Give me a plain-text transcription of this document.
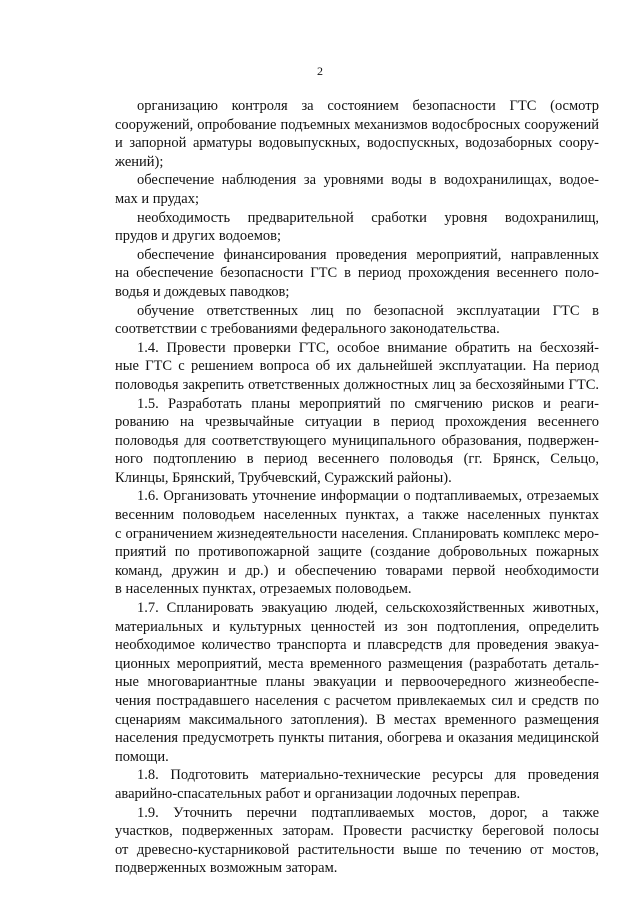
2
организацию контроля за состоянием безопасности ГТС (осмотр
сооружений, опробование подъемных механизмов водосбросных сооружений
и запорной арматуры водовыпускных, водоспускных, водозаборных соору-
жений);
обеспечение наблюдения за уровнями воды в водохранилищах, водое-
мах и прудах;
необходимость предварительной сработки уровня водохранилищ,
прудов и других водоемов;
обеспечение финансирования проведения мероприятий, направленных
на обеспечение безопасности ГТС в период прохождения весеннего поло-
водья и дождевых паводков;
обучение ответственных лиц по безопасной эксплуатации ГТС в
соответствии с требованиями федерального законодательства.
1.4. Провести проверки ГТС, особое внимание обратить на бесхозяй-
ные ГТС с решением вопроса об их дальнейшей эксплуатации. На период
половодья закрепить ответственных должностных лиц за бесхозяйными ГТС.
1.5. Разработать планы мероприятий по смягчению рисков и реаги-
рованию на чрезвычайные ситуации в период прохождения весеннего
половодья для соответствующего муниципального образования, подвержен-
ного подтоплению в период весеннего половодья (гг. Брянск, Сельцо,
Клинцы, Брянский, Трубчевский, Суражский районы).
1.6. Организовать уточнение информации о подтапливаемых, отрезаемых
весенним половодьем населенных пунктах, а также населенных пунктах
с ограничением жизнедеятельности населения. Спланировать комплекс меро-
приятий по противопожарной защите (создание добровольных пожарных
команд, дружин и др.) и обеспечению товарами первой необходимости
в населенных пунктах, отрезаемых половодьем.
1.7. Спланировать эвакуацию людей, сельскохозяйственных животных,
материальных и культурных ценностей из зон подтопления, определить
необходимое количество транспорта и плавсредств для проведения эвакуа-
ционных мероприятий, места временного размещения (разработать деталь-
ные многовариантные планы эвакуации и первоочередного жизнеобеспе-
чения пострадавшего населения с расчетом привлекаемых сил и средств по
сценариям максимального затопления). В местах временного размещения
населения предусмотреть пункты питания, обогрева и оказания медицинской
помощи.
1.8. Подготовить материально-технические ресурсы для проведения
аварийно-спасательных работ и организации лодочных переправ.
1.9. Уточнить перечни подтапливаемых мостов, дорог, а также
участков, подверженных заторам. Провести расчистку береговой полосы
от древесно-кустарниковой растительности выше по течению от мостов,
подверженных возможным заторам.
